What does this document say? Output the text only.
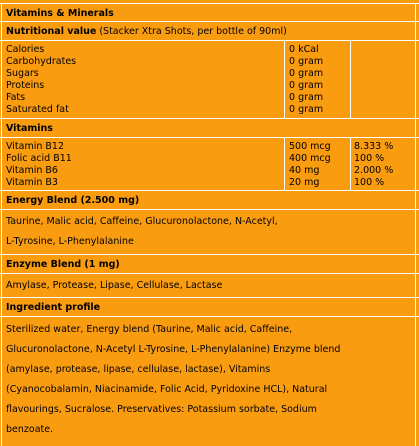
Vitamins & Minerals
Nutritional value (Stacker Xtra Shots, per bottle of 90ml)
Calories	0 kCal
Carbohydrates	0 gram
Sugars	0 gram
Proteins	0 gram
Fats	0 gram
Saturated fat	0 gram
Vitamins
Vitamin B12	500 mcg 8.333 %
Folic acid B11	400 mcg 100 %
Vitamin B6	40 mg	2.000 %
Vitamin B3	20 mg	100 %
Energy Blend (2.500 mg)
Taurine, Malic acid, Caffeine, Glucuronolactone, N-Acetyl,
L-Tyrosine, L-Phenylalanine
Enzyme Blend (1 mg)
Amylase, Protease, Lipase, Cellulase, Lactase
Ingredient profile
Sterilized water, Energy blend (Taurine, Malic acid, Caffeine,
Glucuronolactone, N-Acetyl L-Tyrosine, L-Phenylalanine) Enzyme blend
(amylase, protease, lipase, cellulase, lactase), Vitamins
(Cyanocobalamin, Niacinamide, Folic Acid, Pyridoxine HCL), Natural
flavourings, Sucralose. Preservatives: Potassium sorbate, Sodium
benzoate.
